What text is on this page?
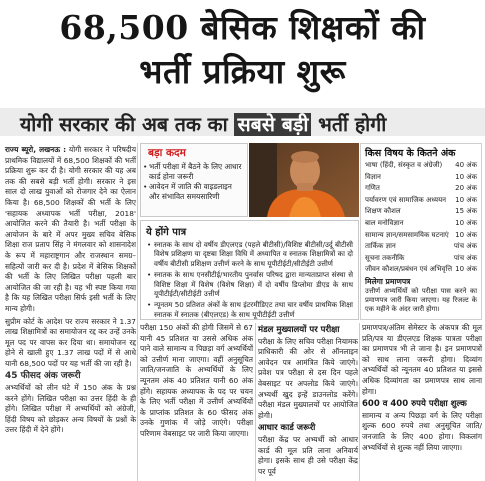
68,500 बेसिक शिक्षकों की
भर्ती प्रक्रिया शुरू
योगी सरकार की अब तक का सबसे बड़ी भर्ती होगी

राज्य ब्यूरो, लखनऊ : योगी सरकार ने परिषदीय प्राथमिक विद्यालयों में 68,500 शिक्षकों की भर्ती प्रक्रिया शुरू कर दी है। योगी सरकार की यह अब तक की सबसे बड़ी भर्ती होगी। सरकार ने इस साल दो लाख युवाओं को रोजगार देने का ऐलान किया है। 68,500 शिक्षकों की भर्ती के लिए 'सहायक अध्यापक भर्ती परीक्षा, 2018' आयोजित करने की तैयारी है। भर्ती परीक्षा के आयोजन के बारे में अपर मुख्य सचिव बेसिक शिक्षा राज प्रताप सिंह ने मंगलवार को शासनादेश के रूप में महाराष्ट्रगान और राजस्थान समग्र–सहित्यों जारी कर दी है। प्रदेश में बेसिक शिक्षकों की भर्ती के लिए लिखित परीक्षा पहली बार आयोजित की जा रही है। यह भी स्पष्ट किया गया है कि यह लिखित परीक्षा सिर्फ इसी भर्ती के लिए मान्य होगी।

सुप्रीम कोर्ट के आदेश पर राज्य सरकार ने 1.37 लाख शिक्षामित्रों का समायोजन रद्द कर उन्हें उनके मूल पद पर वापस कर दिया था। समायोजन रद्द होने से खाली हुए 1.37 लाख पदों में से आधे यानी 68,500 पदों पर यह भर्ती की जा रही है।

45 फीसद अंक जरूरी

अभ्यर्थियों को लीन घंटे में 150 अंक के प्रश्न करने होंगे। लिखित परीक्षा का उत्तर हिंदी के ही होंगे। लिखित परीक्षा में अभ्यर्थियों को अंग्रेजी, हिंदी विषय को छोड़कर अन्य विषयों के प्रश्नों के उत्तर हिंदी में देने होंगे।

बड़ा कदम
• भर्ती परीक्षा में बैठने के लिए आधार कार्ड होना जरूरी
• आवेदन में जाति की वाइडलाइन और संभावित समयसारिणी
किस विषय के कितने अंक
भाषा (हिंदी, संस्कृत व अंग्रेजी) 40 अंक
विज्ञान	10 अंक
गणित	20 अंक
पर्यावरण एवं सामाजिक अध्ययन 10 अंक
शिक्षण कौशल	15 अंक
बाल मनोविज्ञान	10 अंक
सामान्य ज्ञान/समसामयिक घटनाएं 10 अंक
तार्किक ज्ञान	पांच अंक
सूचना तकनीकि	पांच अंक
जीवन कौशल/प्रबंधन एवं अभिवृत्ति 10 अंक
मिलेगा प्रमाणपत्र
उत्तीर्ण अभ्यर्थियों को परीक्षा पास करने का प्रमाणपत्र जारी किया जाएगा। यह रिजल्ट के एक महीने के अंदर जारी होगा।
ये होंगे पात्र
• स्नातक के साथ दो वर्षीय डीएलएड (पहले बीटीसी)/विशिष्ट बीटीसी/उर्दू बीटीसी विशेष प्रशिक्षण या दृष्टबा शिक्षा विधि में अध्यापित व स्नातक शिक्षामित्रों का दो वर्षीय बीटीसी प्रशिक्षण उत्तीर्ण करने के साथ यूपीटीईटी/सीटीईटी उत्तीर्ण
• स्नातक के साथ एनसीटीई/भारतीय पुनर्वास परिषद द्वारा मान्यताप्राप्त संस्था से विशिष्ट शिक्षा में विशेष (विशेष शिक्षा) में दो वर्षीय डिप्लोमा डीएड के साथ यूपीटीईटी/सीटीईटी उत्तीर्ण
• न्यूनतम 50 प्रतिशत अंकों के साथ इंटरमीडिएट तथा चार वर्षीय प्राथमिक शिक्षा स्नातक में स्नातक (बीएलएड) के साथ यूपीटीईटी उत्तीर्ण

परीक्षा 150 अंकों की होगी जिसमें से 67 यानी 45 प्रतिशत या उससे अधिक अंक पाने वाले सामान्य व पिछड़ा वर्ग अभ्यर्थियों को उत्तीर्ण माना जाएगा। वहीं अनुसूचित जाति/जनजाति के अभ्यर्थियों के लिए न्यूनतम अंक 40 प्रतिशत यानी 60 अंक होंगे। सहायक अध्यापक के पद पर चयन के लिए भर्ती परीक्षा में उत्तीर्ण अभ्यर्थियों के प्राप्तांक प्रतिशत के 60 फीसद अंक उनके गुणांक में जोड़े जाएंगे। परीक्षा परिणाम वेबसाइट पर जारी किया जाएगा।

मंडल मुख्यालयों पर परीक्षा

परीक्षा के लिए सचिव परीक्षा नियामक प्राधिकारी की ओर से ऑनलाइन आवेदन पत्र आमंत्रित किये जाएंगे। प्रवेश पत्र परीक्षा से दस दिन पहले वेबसाइट पर अपलोड किये जाएंगे। अभ्यर्थी खुद इन्हें डाउनलोड करेंगे। परीक्षा मंडल मुख्यालयों पर आयोजित होगी।

आधार कार्ड जरूरी

परीक्षा केंद्र पर अभ्यर्थी को आधार कार्ड की मूल प्रति लाना अनिवार्य होगा। इसके साथ ही उसे परीक्षा केंद्र पर पूर्व

प्रमाणपत्र/अंतिम सेमेस्टर के अंकपत्र की मूल प्रति/पत्र या डीएलएड शिक्षक पात्रता परीक्षा का प्रमाणपत्र भी ले जाना है। इन प्रमाणपत्रों को साथ लाना जरूरी होगा। दिव्यांग अभ्यर्थियों को न्यूनतम 40 प्रतिशत या इससे अधिक दिव्यांगता का प्रमाणपत्र साथ लाना होगा।

600 व 400 रुपये परीक्षा शुल्क

सामान्य व अन्य पिछड़ा वर्ग के लिए परीक्षा शुल्क 600 रुपये तथा अनुसूचित जाति/जनजाति के लिए 400 होगा। विकलांग अभ्यर्थियों से शुल्क नहीं लिया जाएगा।
